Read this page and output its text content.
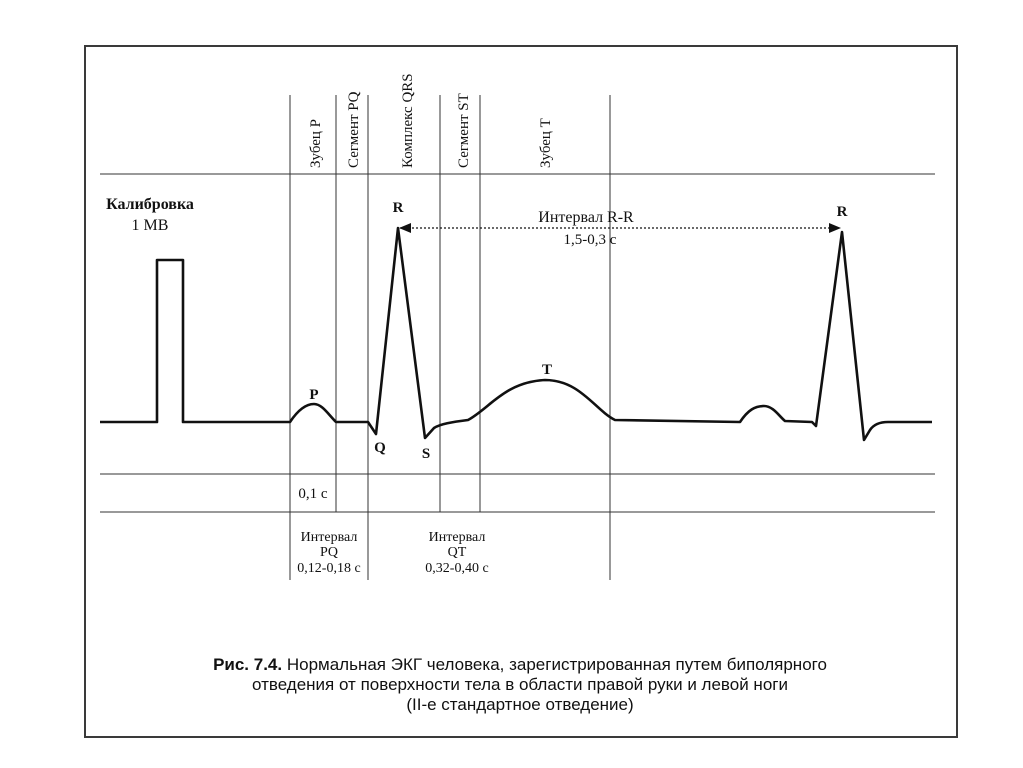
Калибровка
1 МВ
Зубец P Сегмент PQ	Комплекс QRS	Сегмент ST	Зубец T
P
Q
R
S
T
R
Интервал R-R
1,5-0,3 с
0,1 с
Интервал
PQ
0,12-0,18 с
Интервал
QT
0,32-0,40 с
Рис. 7.4. Нормальная ЭКГ человека, зарегистрированная путем биполярного
отведения от поверхности тела в области правой руки и левой ноги
(II-е стандартное отведение)
